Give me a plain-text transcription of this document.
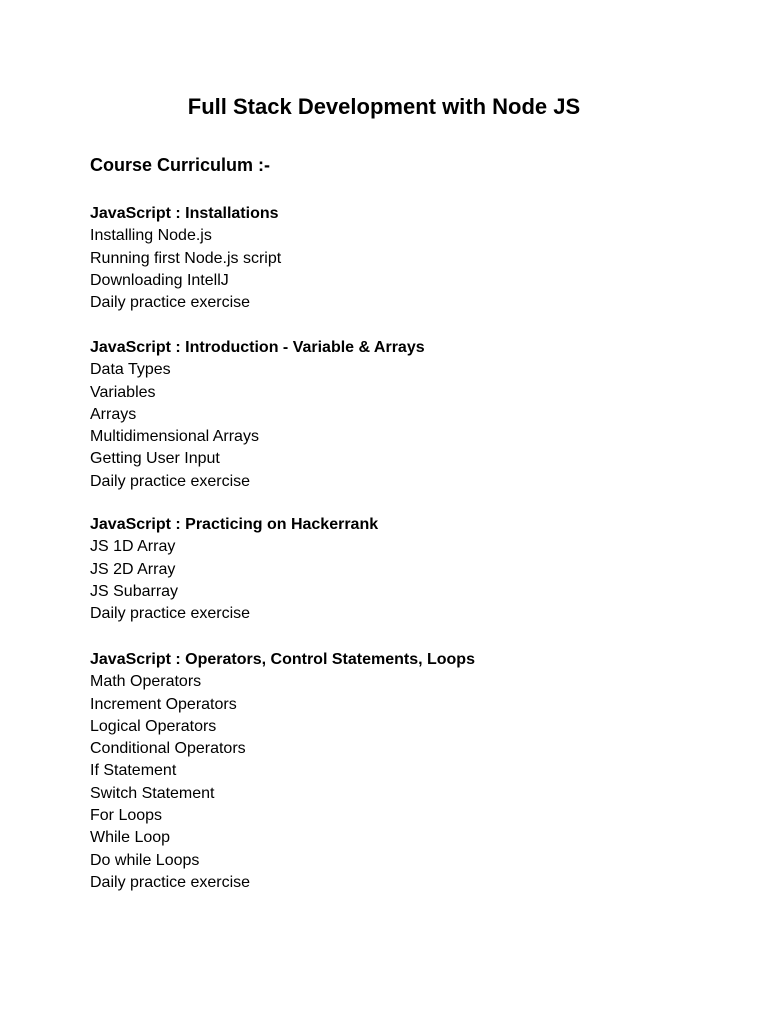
Full Stack Development with Node JS
Course Curriculum :-
JavaScript : Installations
Installing Node.js
Running first Node.js script
Downloading IntellJ
Daily practice exercise
JavaScript : Introduction - Variable & Arrays
Data Types
Variables
Arrays
Multidimensional Arrays
Getting User Input
Daily practice exercise
JavaScript : Practicing on Hackerrank
JS 1D Array
JS 2D Array
JS Subarray
Daily practice exercise
JavaScript : Operators, Control Statements, Loops
Math Operators
Increment Operators
Logical Operators
Conditional Operators
If Statement
Switch Statement
For Loops
While Loop
Do while Loops
Daily practice exercise
